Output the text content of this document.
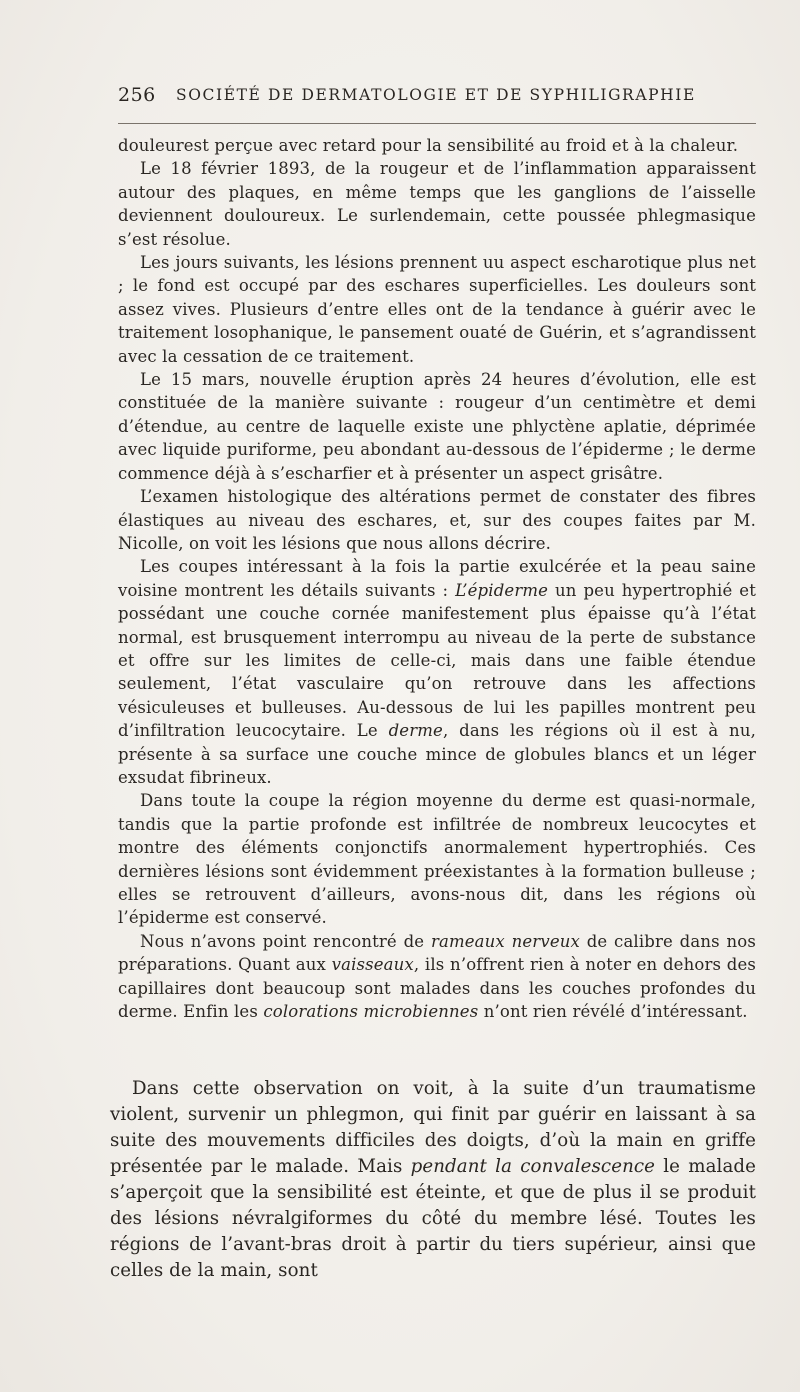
256 SOCIÉTÉ DE DERMATOLOGIE ET DE SYPHILIGRAPHIE

douleurest perçue avec retard pour la sensibilité au froid et à la chaleur.

Le 18 février 1893, de la rougeur et de l’inflammation apparaissent autour des plaques, en même temps que les ganglions de l’aisselle deviennent douloureux. Le surlendemain, cette poussée phlegmasique s’est résolue.

Les jours suivants, les lésions prennent uu aspect escharotique plus net ; le fond est occupé par des eschares superficielles. Les douleurs sont assez vives. Plusieurs d’entre elles ont de la tendance à guérir avec le traitement losophanique, le pansement ouaté de Guérin, et s’agrandissent avec la cessation de ce traitement.

Le 15 mars, nouvelle éruption après 24 heures d’évolution, elle est constituée de la manière suivante : rougeur d’un centimètre et demi d’étendue, au centre de laquelle existe une phlyctène aplatie, déprimée avec liquide puriforme, peu abondant au-dessous de l’épiderme ; le derme commence déjà à s’escharfier et à présenter un aspect grisâtre.

L’examen histologique des altérations permet de constater des fibres élastiques au niveau des eschares, et, sur des coupes faites par M. Nicolle, on voit les lésions que nous allons décrire.

Les coupes intéressant à la fois la partie exulcérée et la peau saine voisine montrent les détails suivants : L’épiderme un peu hypertrophié et possédant une couche cornée manifestement plus épaisse qu’à l’état normal, est brusquement interrompu au niveau de la perte de substance et offre sur les limites de celle-ci, mais dans une faible étendue seulement, l’état vasculaire qu’on retrouve dans les affections vésiculeuses et bulleuses. Au-dessous de lui les papilles montrent peu d’infiltration leucocytaire. Le derme, dans les régions où il est à nu, présente à sa surface une couche mince de globules blancs et un léger exsudat fibrineux.

Dans toute la coupe la région moyenne du derme est quasi-normale, tandis que la partie profonde est infiltrée de nombreux leucocytes et montre des éléments conjonctifs anormalement hypertrophiés. Ces dernières lésions sont évidemment préexistantes à la formation bulleuse ; elles se retrouvent d’ailleurs, avons-nous dit, dans les régions où l’épiderme est conservé.

Nous n’avons point rencontré de rameaux nerveux de calibre dans nos préparations. Quant aux vaisseaux, ils n’offrent rien à noter en dehors des capillaires dont beaucoup sont malades dans les couches profondes du derme. Enfin les colorations microbiennes n’ont rien révélé d’intéressant.

Dans cette observation on voit, à la suite d’un traumatisme violent, survenir un phlegmon, qui finit par guérir en laissant à sa suite des mouvements difficiles des doigts, d’où la main en griffe présentée par le malade. Mais pendant la convalescence le malade s’aperçoit que la sensibilité est éteinte, et que de plus il se produit des lésions névralgiformes du côté du membre lésé. Toutes les régions de l’avant-bras droit à partir du tiers supérieur, ainsi que celles de la main, sont
